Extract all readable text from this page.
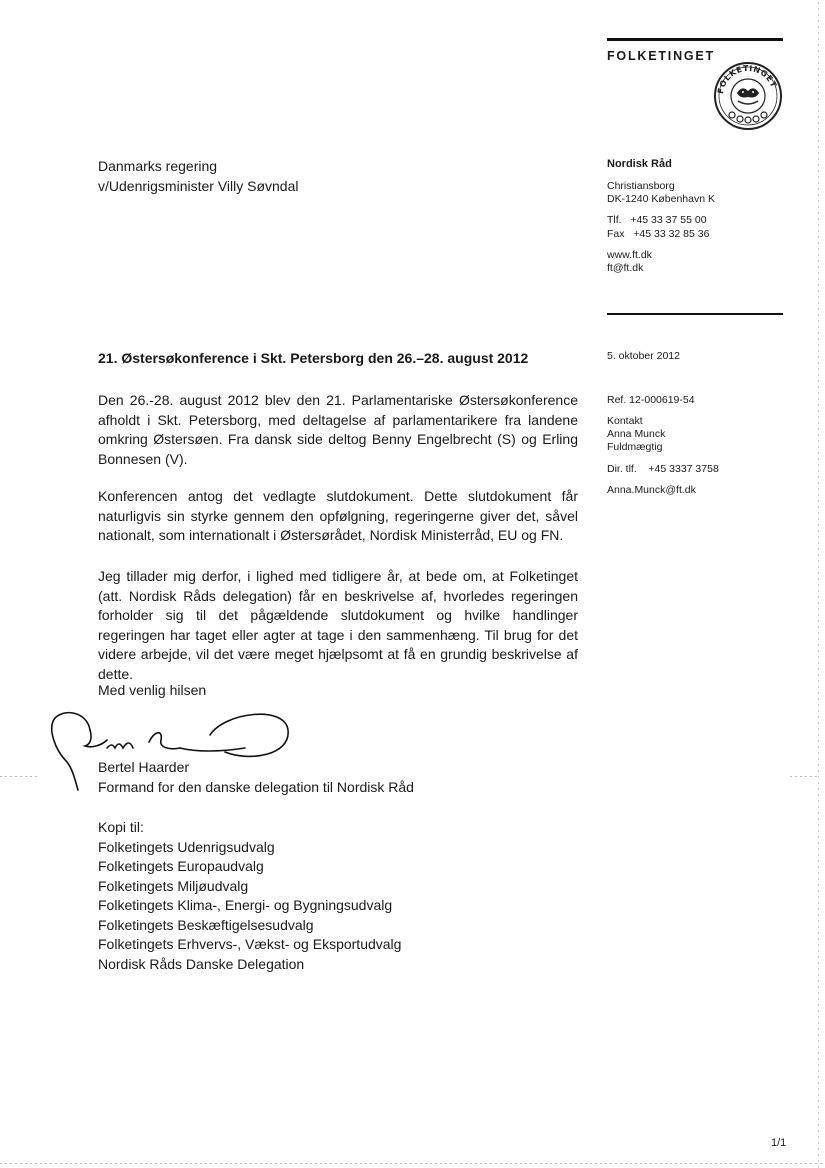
FOLKETINGET
FOLKETINGET
Nordisk Råd
Christiansborg
DK-1240 København K
Tlf.   +45 33 37 55 00
Fax   +45 33 32 85 36
www.ft.dk
ft@ft.dk
5. oktober 2012
Ref. 12-000619-54
Kontakt
Anna Munck
Fuldmægtig
Dir. tlf.    +45 3337 3758
Anna.Munck@ft.dk
Danmarks regering
v/Udenrigsminister Villy Søvndal
21. Østersøkonference i Skt. Petersborg den 26.–28. august 2012
Den 26.-28. august 2012 blev den 21. Parlamentariske Østersøkonference afholdt i Skt. Petersborg, med deltagelse af parlamentarikere fra landene omkring Østersøen. Fra dansk side deltog Benny Engelbrecht (S) og Erling Bonnesen (V).
Konferencen antog det vedlagte slutdokument. Dette slutdokument får naturligvis sin styrke gennem den opfølgning, regeringerne giver det, såvel nationalt, som internationalt i Østersørådet, Nordisk Ministerråd, EU og FN.
Jeg tillader mig derfor, i lighed med tidligere år, at bede om, at Folketinget (att. Nordisk Råds delegation) får en beskrivelse af, hvorledes regeringen forholder sig til det pågældende slutdokument og hvilke handlinger regeringen har taget eller agter at tage i den sammenhæng. Til brug for det videre arbejde, vil det være meget hjælpsomt at få en grundig beskrivelse af dette.
Med venlig hilsen
Bertel Haarder
Formand for den danske delegation til Nordisk Råd
Kopi til:
Folketingets Udenrigsudvalg
Folketingets Europaudvalg
Folketingets Miljøudvalg
Folketingets Klima-, Energi- og Bygningsudvalg
Folketingets Beskæftigelsesudvalg
Folketingets Erhvervs-, Vækst- og Eksportudvalg
Nordisk Råds Danske Delegation
1/1
